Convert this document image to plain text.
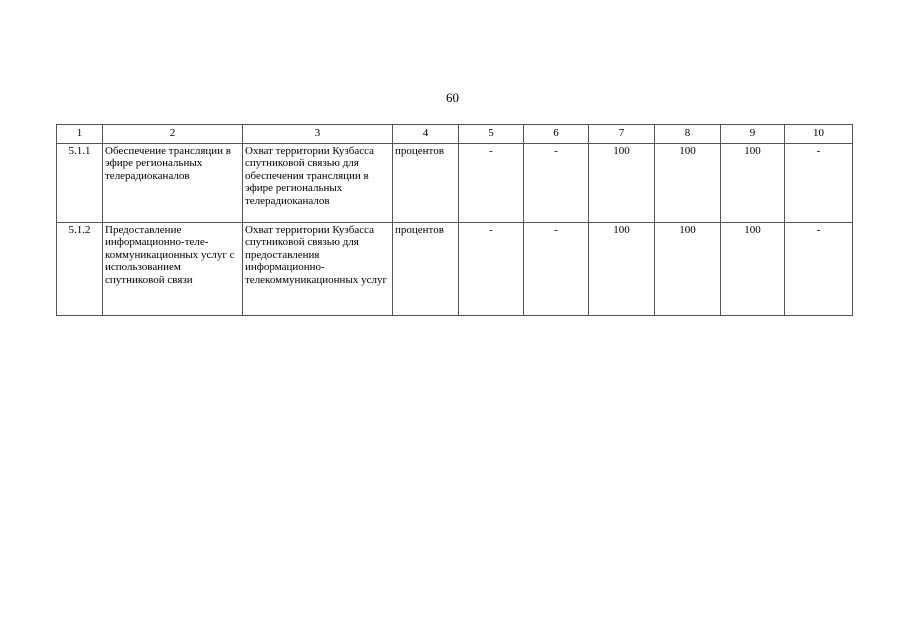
60
1	2	3	4	5	6	7	8	9	10
5.1.1	Обеспечение трансляции в эфире региональных телерадиоканалов	Охват территории Кузбасса спутниковой связью для обеспечения трансляции в эфире региональных телерадиоканалов	процентов	-	-	100	100	100	-
5.1.2	Предоставление информационно-теле-коммуникационных услуг с использованием спутниковой связи	Охват территории Кузбасса спутниковой связью для предоставления информационно-телекоммуникационных услуг	процентов	-	-	100	100	100	-
